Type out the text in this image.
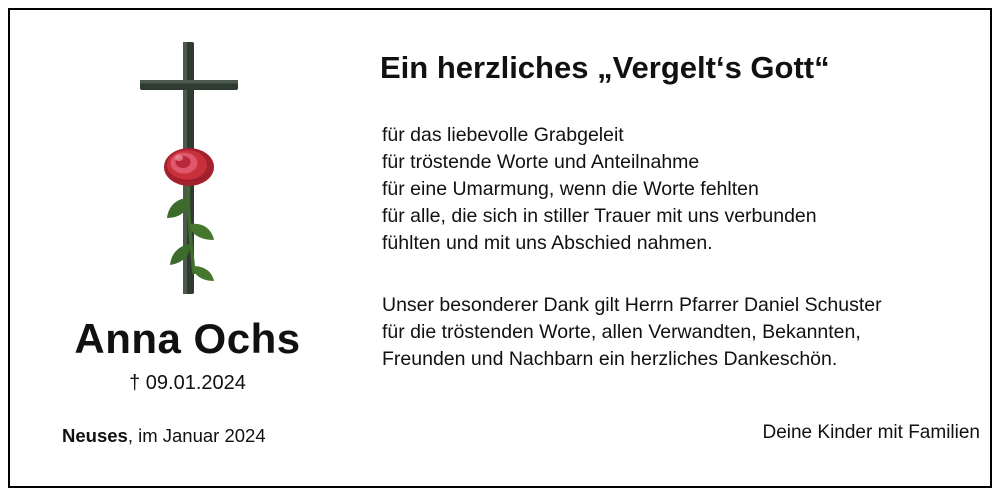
Anna Ochs
† 09.01.2024
Neuses, im Januar 2024
Ein herzliches „Vergelt‘s Gott“
für das liebevolle Grabgeleit
für tröstende Worte und Anteilnahme
für eine Umarmung, wenn die Worte fehlten
für alle, die sich in stiller Trauer mit uns verbunden
fühlten und mit uns Abschied nahmen.
Unser besonderer Dank gilt Herrn Pfarrer Daniel Schuster
für die tröstenden Worte, allen Verwandten, Bekannten,
Freunden und Nachbarn ein herzliches Dankeschön.
Deine Kinder mit Familien
